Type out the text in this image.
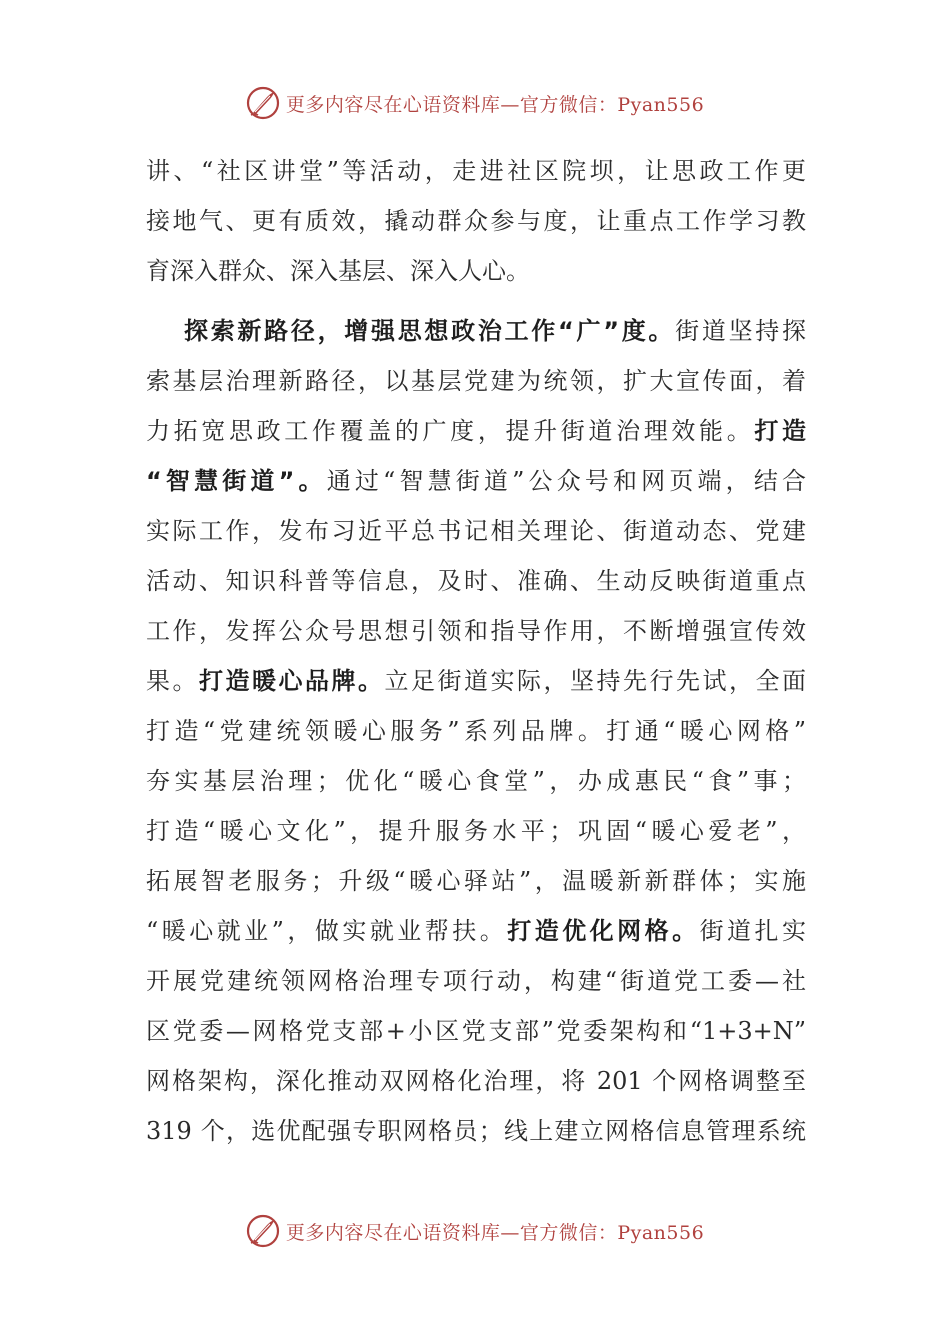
更多内容尽在心语资料库—官方微信：Pyan556
讲、“社区讲堂”等活动，走进社区院坝，让思政工作更
接地气、更有质效，撬动群众参与度，让重点工作学习教
育深入群众、深入基层、深入人心。
探索新路径，增强思想政治工作“广”度。街道坚持探
索基层治理新路径，以基层党建为统领，扩大宣传面，着
力拓宽思政工作覆盖的广度，提升街道治理效能。打造
“智慧街道”。通过“智慧街道”公众号和网页端，结合
实际工作，发布习近平总书记相关理论、街道动态、党建
活动、知识科普等信息，及时、准确、生动反映街道重点
工作，发挥公众号思想引领和指导作用，不断增强宣传效
果。打造暖心品牌。立足街道实际，坚持先行先试，全面
打造“党建统领暖心服务”系列品牌。打通“暖心网格”
夯实基层治理；优化“暖心食堂”，办成惠民“食”事；
打造“暖心文化”，提升服务水平；巩固“暖心爱老”，
拓展智老服务；升级“暖心驿站”，温暖新新群体；实施
“暖心就业”，做实就业帮扶。打造优化网格。街道扎实
开展党建统领网格治理专项行动，构建“街道党工委—社
区党委—网格党支部+小区党支部”党委架构和“1+3+N”
网格架构，深化推动双网格化治理，将 201 个网格调整至
319 个，选优配强专职网格员；线上建立网格信息管理系统
更多内容尽在心语资料库—官方微信：Pyan556
